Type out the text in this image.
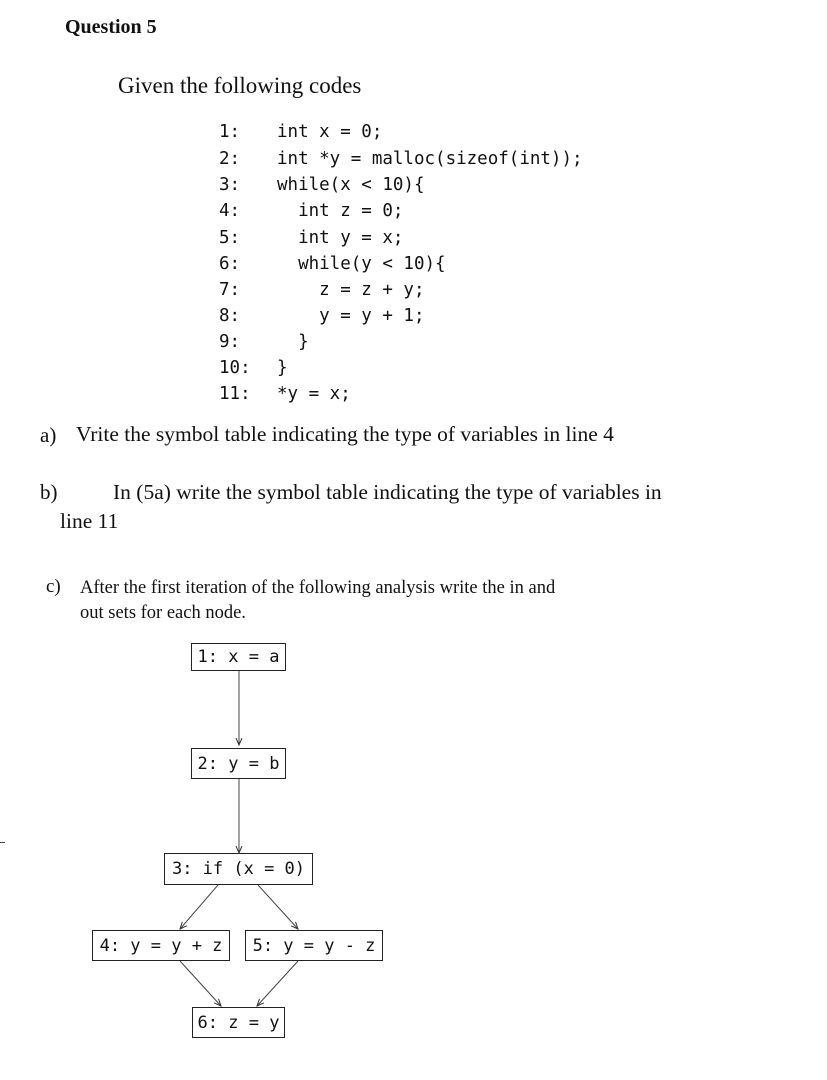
Question 5
Given the following codes
1: int x = 0;
2: int *y = malloc(sizeof(int));
3: while(x < 10){
4: int z = 0;
5: int y = x;
6: while(y < 10){
7: z = z + y;
8: y = y + 1;
9: }
10: }
11: *y = x;
a) Vrite the symbol table indicating the type of variables in line 4
b)	In (5a) write the symbol table indicating the type of variables in
line 11
c) After the first iteration of the following analysis write the in and
out sets for each node.
1: x = a
2: y = b
3: if (x = 0)
4: y = y + z	5: y = y - z
6: z = y
